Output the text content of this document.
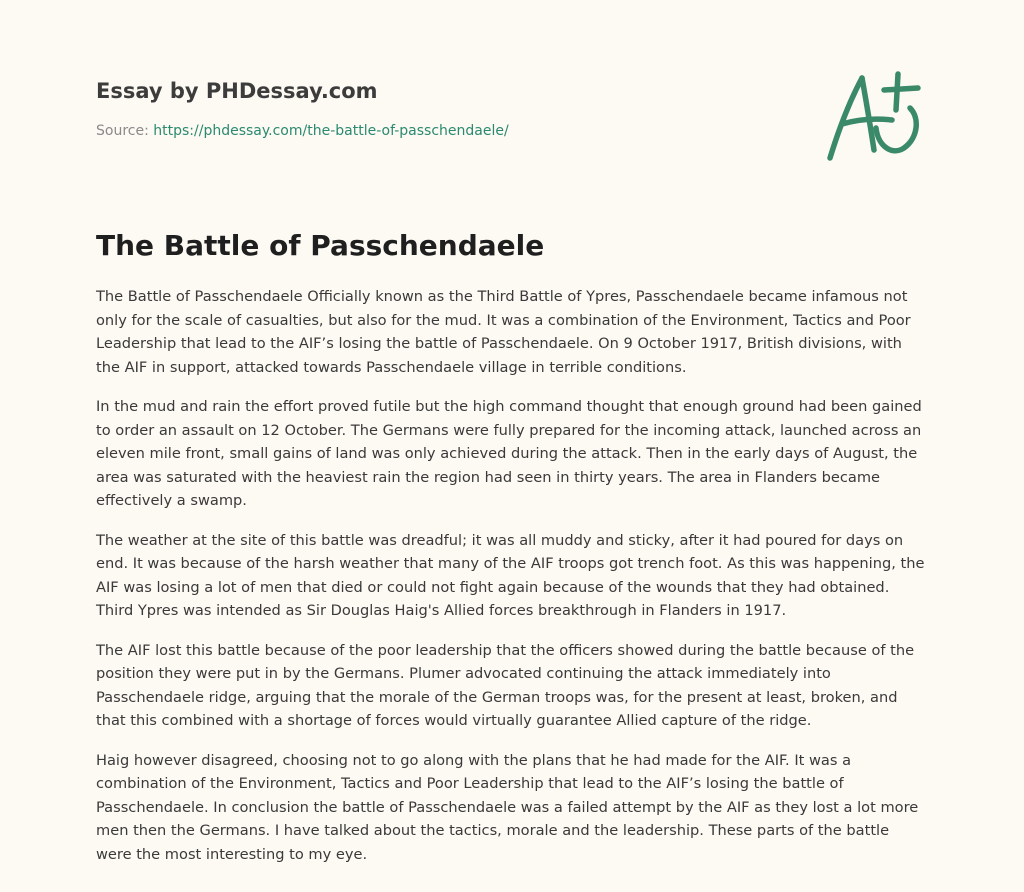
Essay by PHDessay.com
Source: https://phdessay.com/the-battle-of-passchendaele/
The Battle of Passchendaele

The Battle of Passchendaele Officially known as the Third Battle of Ypres, Passchendaele became infamous not only for the scale of casualties, but also for the mud. It was a combination of the Environment, Tactics and Poor Leadership that lead to the AIF’s losing the battle of Passchendaele. On 9 October 1917, British divisions, with the AIF in support, attacked towards Passchendaele village in terrible conditions.

In the mud and rain the effort proved futile but the high command thought that enough ground had been gained to order an assault on 12 October. The Germans were fully prepared for the incoming attack, launched across an eleven mile front, small gains of land was only achieved during the attack. Then in the early days of August, the area was saturated with the heaviest rain the region had seen in thirty years. The area in Flanders became effectively a swamp.

The weather at the site of this battle was dreadful; it was all muddy and sticky, after it had poured for days on end. It was because of the harsh weather that many of the AIF troops got trench foot. As this was happening, the AIF was losing a lot of men that died or could not fight again because of the wounds that they had obtained. Third Ypres was intended as Sir Douglas Haig's Allied forces breakthrough in Flanders in 1917.

The AIF lost this battle because of the poor leadership that the officers showed during the battle because of the position they were put in by the Germans. Plumer advocated continuing the attack immediately into Passchendaele ridge, arguing that the morale of the German troops was, for the present at least, broken, and that this combined with a shortage of forces would virtually guarantee Allied capture of the ridge.

Haig however disagreed, choosing not to go along with the plans that he had made for the AIF. It was a combination of the Environment, Tactics and Poor Leadership that lead to the AIF’s losing the battle of Passchendaele. In conclusion the battle of Passchendaele was a failed attempt by the AIF as they lost a lot more men then the Germans. I have talked about the tactics, morale and the leadership. These parts of the battle were the most interesting to my eye.
